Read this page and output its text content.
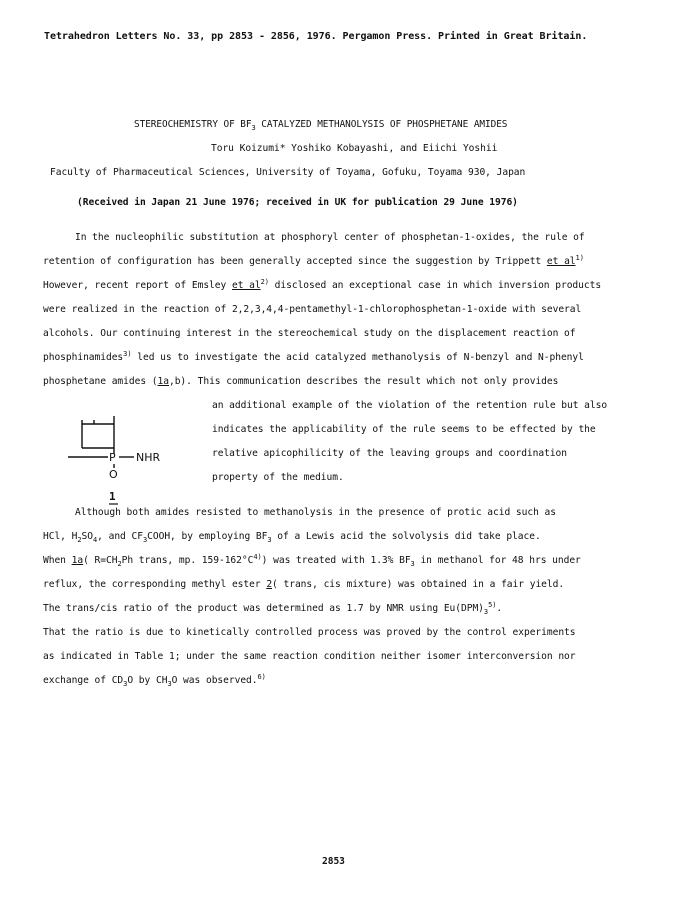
Tetrahedron Letters No. 33, pp 2853 - 2856, 1976. Pergamon Press. Printed in Great Britain.
STEREOCHEMISTRY OF $BF_3$ CATALYZED METHANOLYSIS OF PHOSPHETANE AMIDES
Toru Koizumi* Yoshiko Kobayashi, and Eiichi Yoshii
Faculty of Pharmaceutical Sciences, University of Toyama, Gofuku, Toyama 930, Japan
(Received in Japan 21 June 1976; received in UK for publication 29 June 1976)
In the nucleophilic substitution at phosphoryl center of phosphetan-1-oxides, the rule of
retention of configuration has been generally accepted since the suggestion by Trippett et $al^{1)}$
However, recent report of Emsley et $al^{2)}$ disclosed an exceptional case in which inversion products
were realized in the reaction of 2,2,3,4,4-pentamethyl-1-chlorophosphetan-1-oxide with several
alcohols. Our continuing interest in the stereochemical study on the displacement reaction of
phosphinamides$^{3)}$ led us to investigate the acid catalyzed methanolysis of N-benzyl and N-phenyl
phosphetane amides (1a,b). This communication describes the result which not only provides
an additional example of the violation of the retention rule but also
indicates the applicability of the rule seems to be effected by the
relative apicophilicity of the leaving groups and coordination
property of the medium.
P NHR
O
1
Although both amides resisted to methanolysis in the presence of protic acid such as
HCl, $H_2SO_4$, and $CF_3COOH$, by employing $BF_3$ of a Lewis acid the solvolysis did take place.
When 1a( $R=CH_2Ph$ trans, mp. $159-162^\circ C^{4)}$) was treated with 1.3% $BF_3$ in methanol for 48 hrs under
reflux, the corresponding methyl ester 2( trans, cis mixture) was obtained in a fair yield.
The trans/cis ratio of the product was determined as 1.7 by NMR using $Eu(DPM)_3^{5)}$.
That the ratio is due to kinetically controlled process was proved by the control experiments
as indicated in Table 1; under the same reaction condition neither isomer interconversion nor
exchange of $CD_3O$ by $CH_3O$ was observed.$^{6)}$
2853
